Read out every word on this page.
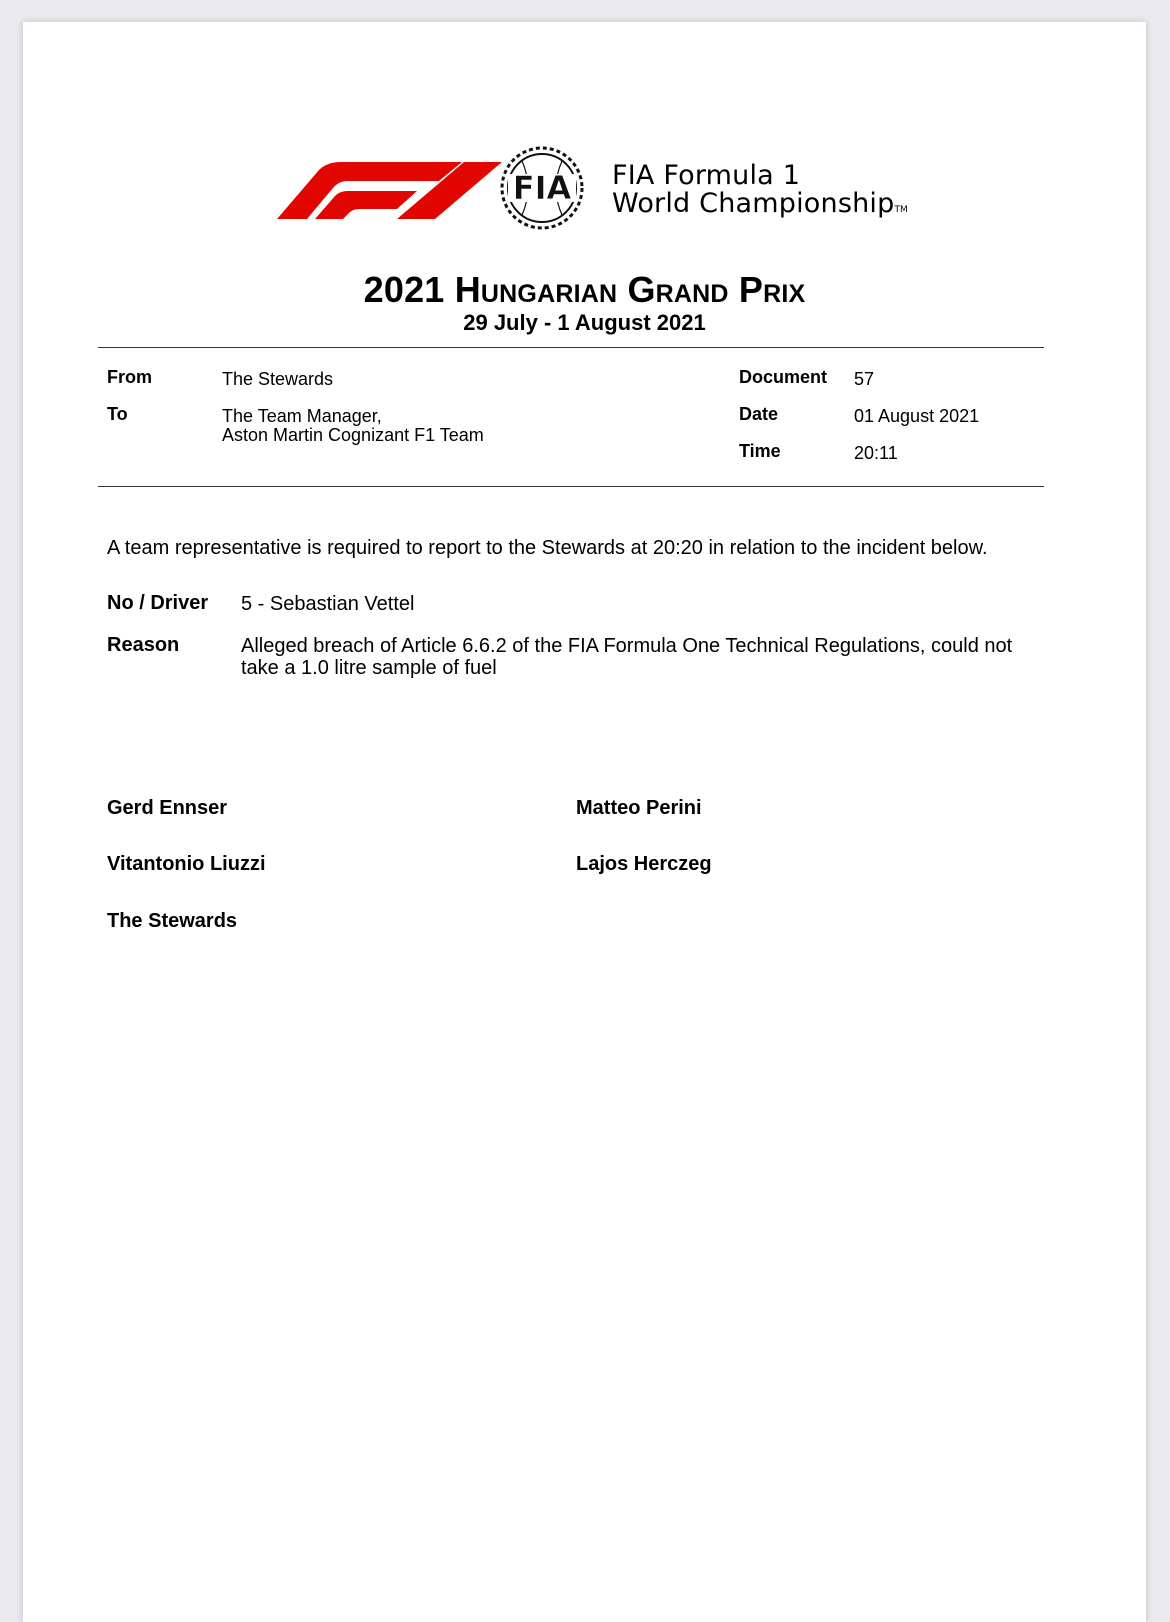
FIA FIA Formula 1
World ChampionshipTM
2021 Hungarian Grand Prix
29 July - 1 August 2021
From	The Stewards
To	The Team Manager,
Aston Martin Cognizant F1 Team
Document 57
Date	01 August 2021
Time	20:11
A team representative is required to report to the Stewards at 20:20 in relation to the incident below.
No / Driver 5 - Sebastian Vettel
Reason	Alleged breach of Article 6.6.2 of the FIA Formula One Technical Regulations, could not take a 1.0 litre sample of fuel
Gerd Ennser	Matteo Perini
Vitantonio Liuzzi	Lajos Herczeg
The Stewards
